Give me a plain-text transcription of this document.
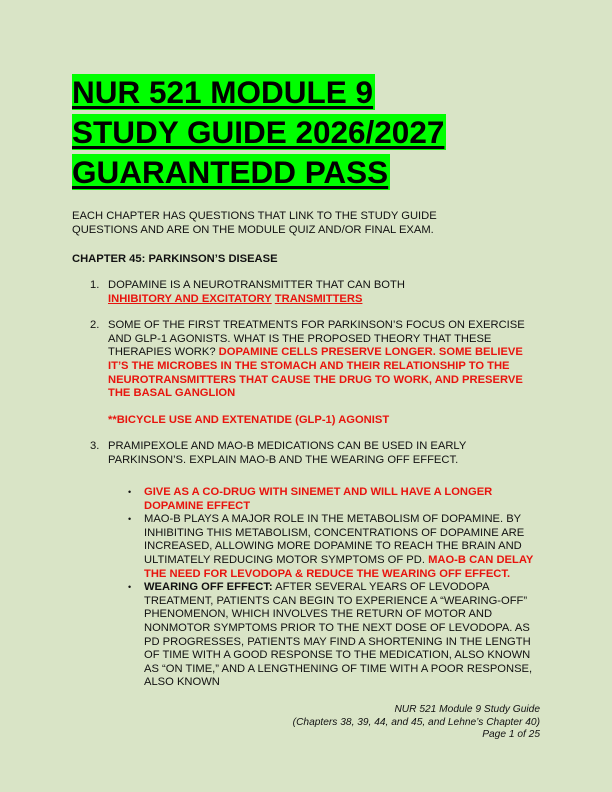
NUR 521 MODULE 9
STUDY GUIDE 2026/2027
GUARANTEDD PASS
EACH CHAPTER HAS QUESTIONS THAT LINK TO THE STUDY GUIDE QUESTIONS AND ARE ON THE MODULE QUIZ AND/OR FINAL EXAM.
CHAPTER 45: PARKINSON’S DISEASE
1. DOPAMINE IS A NEUROTRANSMITTER THAT CAN BOTH
INHIBITORY AND EXCITATORY TRANSMITTERS
2. SOME OF THE FIRST TREATMENTS FOR PARKINSON’S FOCUS ON EXERCISE AND GLP-1 AGONISTS. WHAT IS THE PROPOSED THEORY THAT THESE THERAPIES WORK? DOPAMINE CELLS PRESERVE LONGER. SOME BELIEVE IT’S THE MICROBES IN THE STOMACH AND THEIR RELATIONSHIP TO THE NEUROTRANSMITTERS THAT CAUSE THE DRUG TO WORK, AND PRESERVE THE BASAL GANGLION
**BICYCLE USE AND EXTENATIDE (GLP-1) AGONIST
3. PRAMIPEXOLE AND MAO-B MEDICATIONS CAN BE USED IN EARLY PARKINSON’S. EXPLAIN MAO-B AND THE WEARING OFF EFFECT.
• GIVE AS A CO-DRUG WITH SINEMET AND WILL HAVE A LONGER DOPAMINE EFFECT
• MAO-B PLAYS A MAJOR ROLE IN THE METABOLISM OF DOPAMINE. BY INHIBITING THIS METABOLISM, CONCENTRATIONS OF DOPAMINE ARE INCREASED, ALLOWING MORE DOPAMINE TO REACH THE BRAIN AND ULTIMATELY REDUCING MOTOR SYMPTOMS OF PD. MAO-B CAN DELAY THE NEED FOR LEVODOPA & REDUCE THE WEARING OFF EFFECT.
• WEARING OFF EFFECT: AFTER SEVERAL YEARS OF LEVODOPA TREATMENT, PATIENTS CAN BEGIN TO EXPERIENCE A “WEARING-OFF” PHENOMENON, WHICH INVOLVES THE RETURN OF MOTOR AND NONMOTOR SYMPTOMS PRIOR TO THE NEXT DOSE OF LEVODOPA. AS PD PROGRESSES, PATIENTS MAY FIND A SHORTENING IN THE LENGTH OF TIME WITH A GOOD RESPONSE TO THE MEDICATION, ALSO KNOWN AS “ON TIME,” AND A LENGTHENING OF TIME WITH A POOR RESPONSE, ALSO KNOWN
NUR 521 Module 9 Study Guide
(Chapters 38, 39, 44, and 45, and Lehne’s Chapter 40)
Page 1 of 25
